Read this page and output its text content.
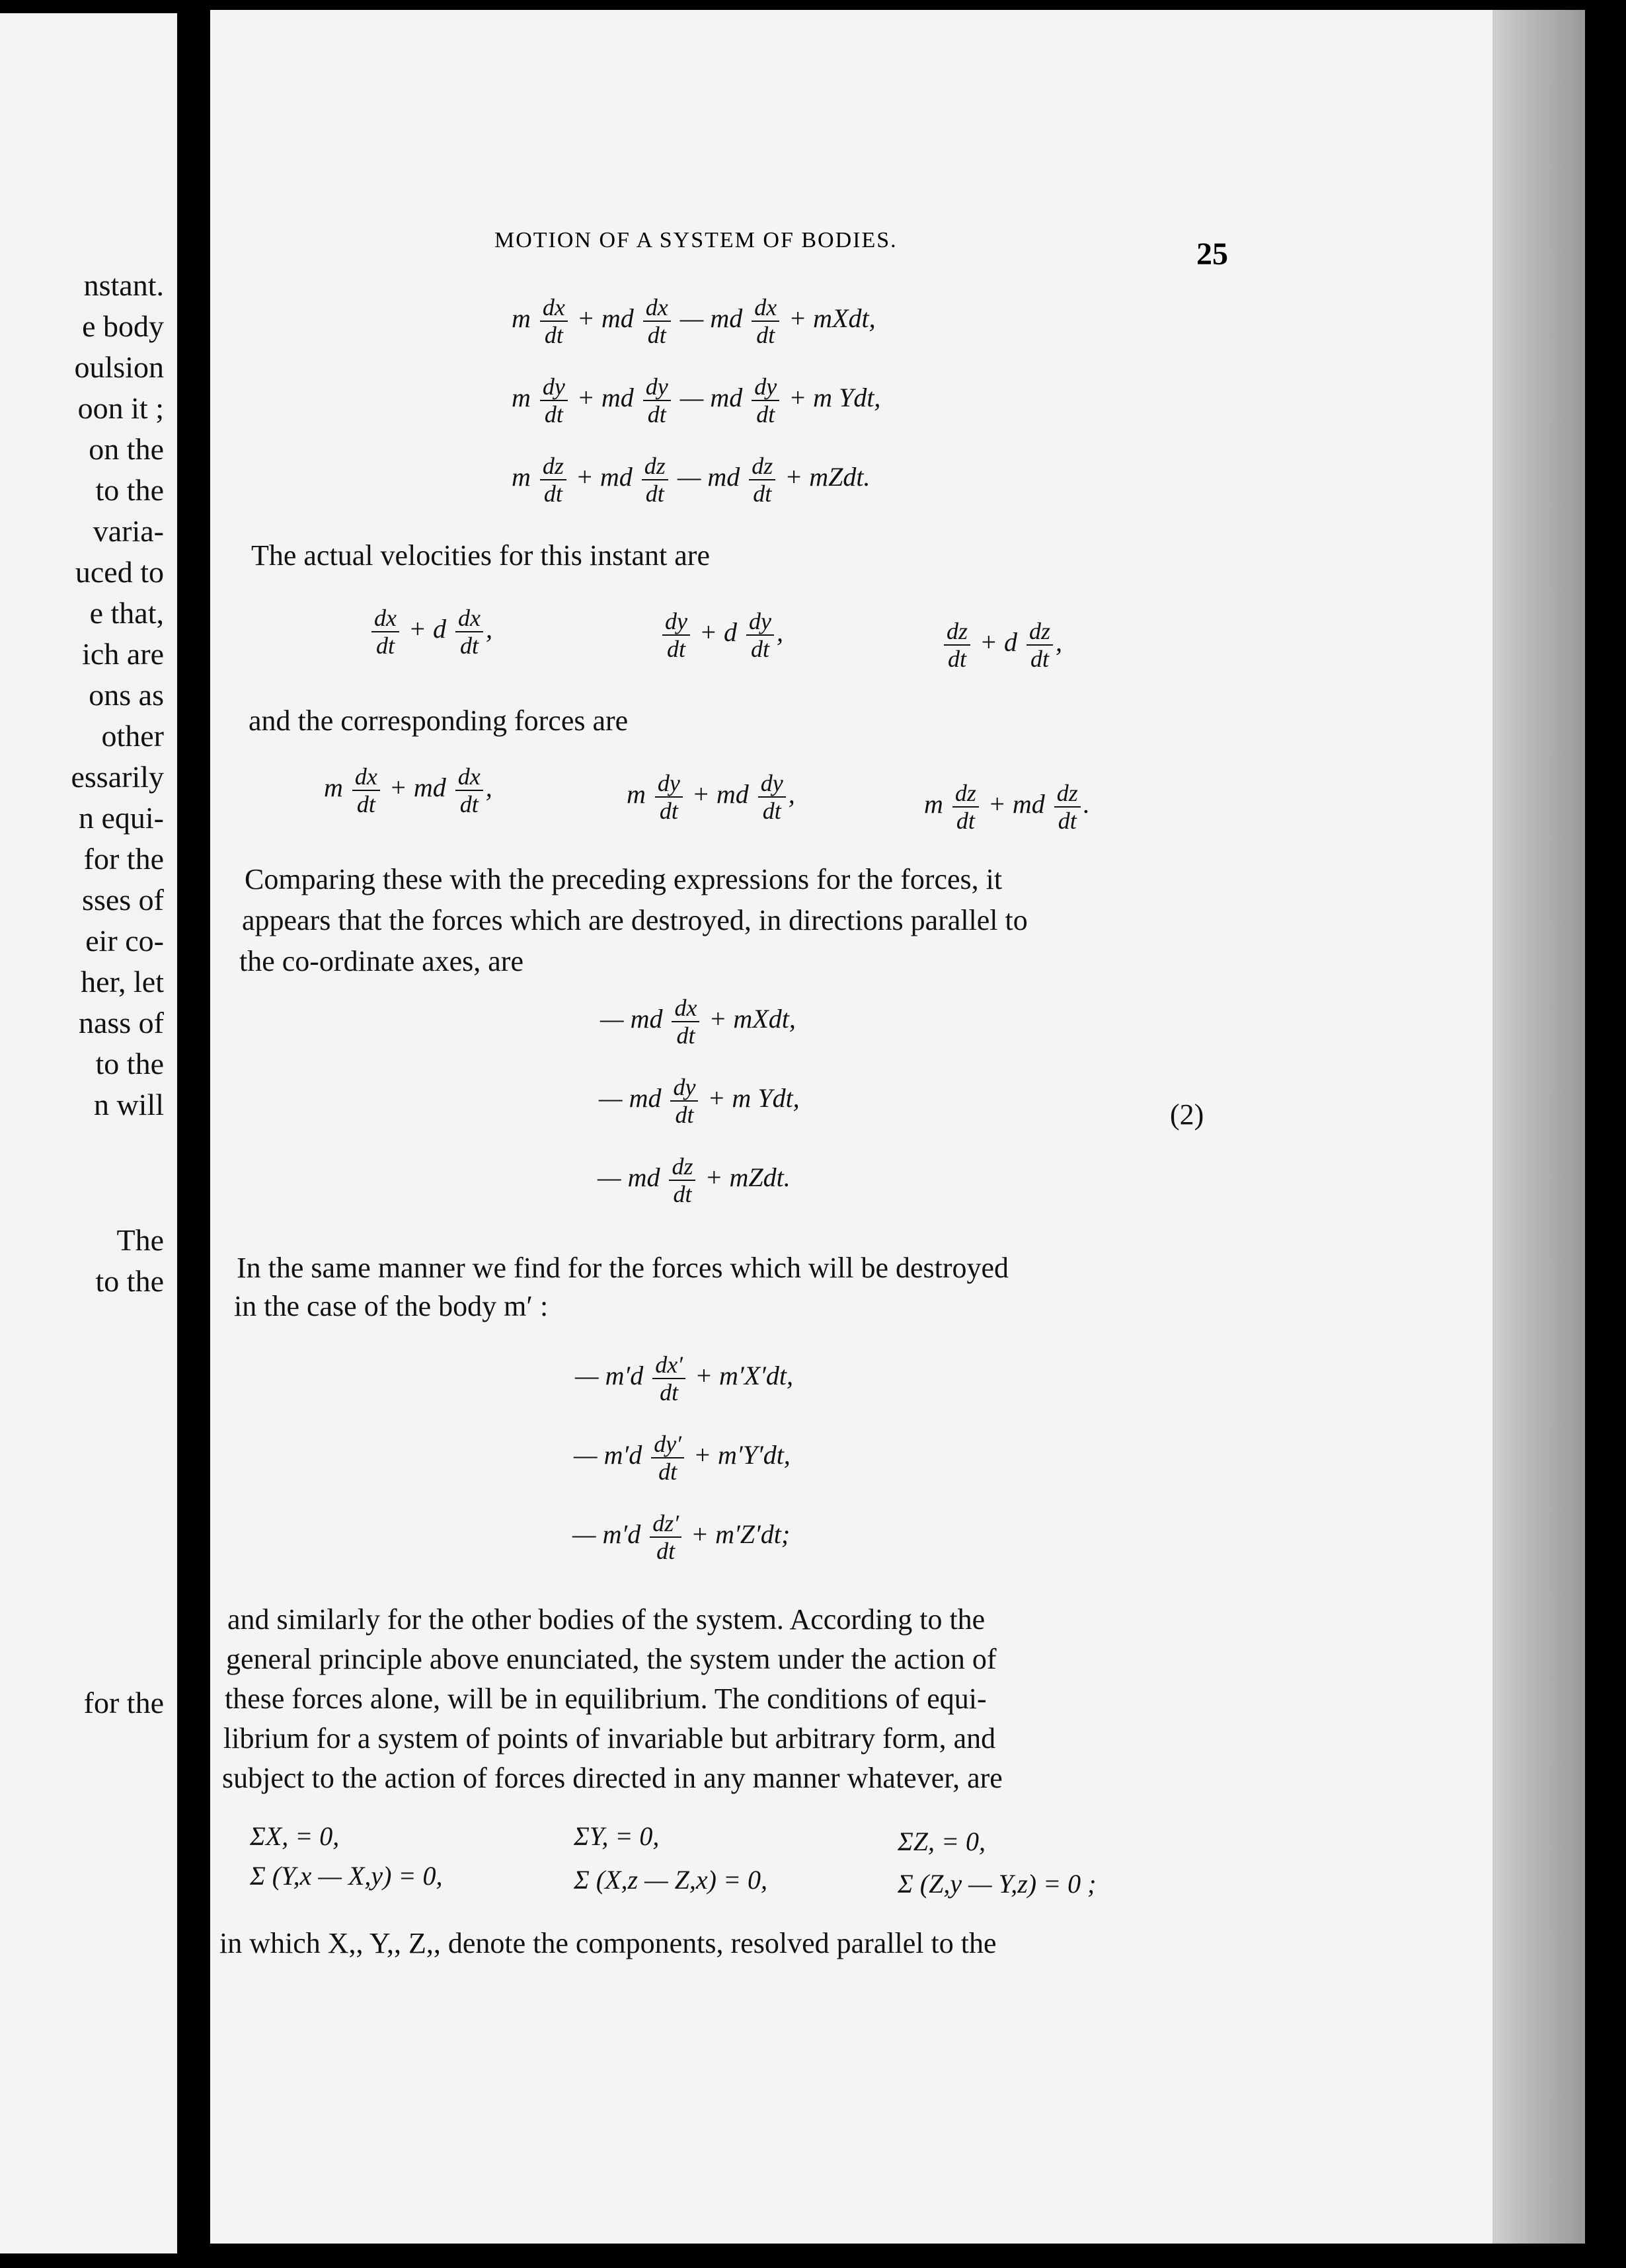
nstant.
e body
oulsion
oon it ;
on the
to the
varia-
uced to
e that,
ich are
ons as
other
essarily
n equi-
for the
sses of
eir co-
her, let
nass of
to the
n will
The
to the
for the
MOTION OF A SYSTEM OF BODIES.	25
m $\frac{dx}{dt}$ + md $\frac{dx}{dt}$ — md $\frac{dx}{dt}$ + mXdt,
m $\frac{dy}{dt}$ + md $\frac{dy}{dt}$ — md $\frac{dy}{dt} + m$ Ydt,
m $\frac{dz}{dt}$ + md $\frac{dz}{dt}$ — md $\frac{dz}{dt}$ + mZdt.
The actual velocities for this instant are
$\frac{dx}{dt} + d \frac{dx}{dt}$ ,	$\frac{dy}{dt} + d \frac{dy}{dt}$ ,	$\frac{dz}{dt} + d \frac{dz}{dt}$ ,
and the corresponding forces are
m $\frac{dx}{dt}$ + md $\frac{dx}{dt}$ ,	m $\frac{dy}{dt}$ + md $\frac{dy}{dt}$ ,	m $\frac{dz}{dt}$ + md $\frac{dz}{dt}$ .
Comparing these with the preceding expressions for the forces, it
appears that the forces which are destroyed, in directions parallel to
the co-ordinate axes, are
— md $\frac{dx}{dt}$ + mXdt,
— md $\frac{dy}{dt} + m$ Ydt,
— md $\frac{dz}{dt}$ + mZdt.
(2)
In the same manner we find for the forces which will be destroyed
in the case of the body m′ :
— $m'd \frac{dx'}{dt} + m'X'dt$,
— $m'd \frac{dy'}{dt} + m'Y'dt$,
— $m'd \frac{dz'}{dt} + m'Z'dt$;
and similarly for the other bodies of the system. According to the
general principle above enunciated, the system under the action of
these forces alone, will be in equilibrium. The conditions of equi-
librium for a system of points of invariable but arbitrary form, and
subject to the action of forces directed in any manner whatever, are
ΣX, = 0,	ΣY, = 0,	ΣZ, = 0,
Σ (Y,x — X,y) = 0,	Σ (X,z — Z,x) = 0,	Σ (Z,y — Y,z) = 0 ;
in which X,, Y,, Z,, denote the components, resolved parallel to the
